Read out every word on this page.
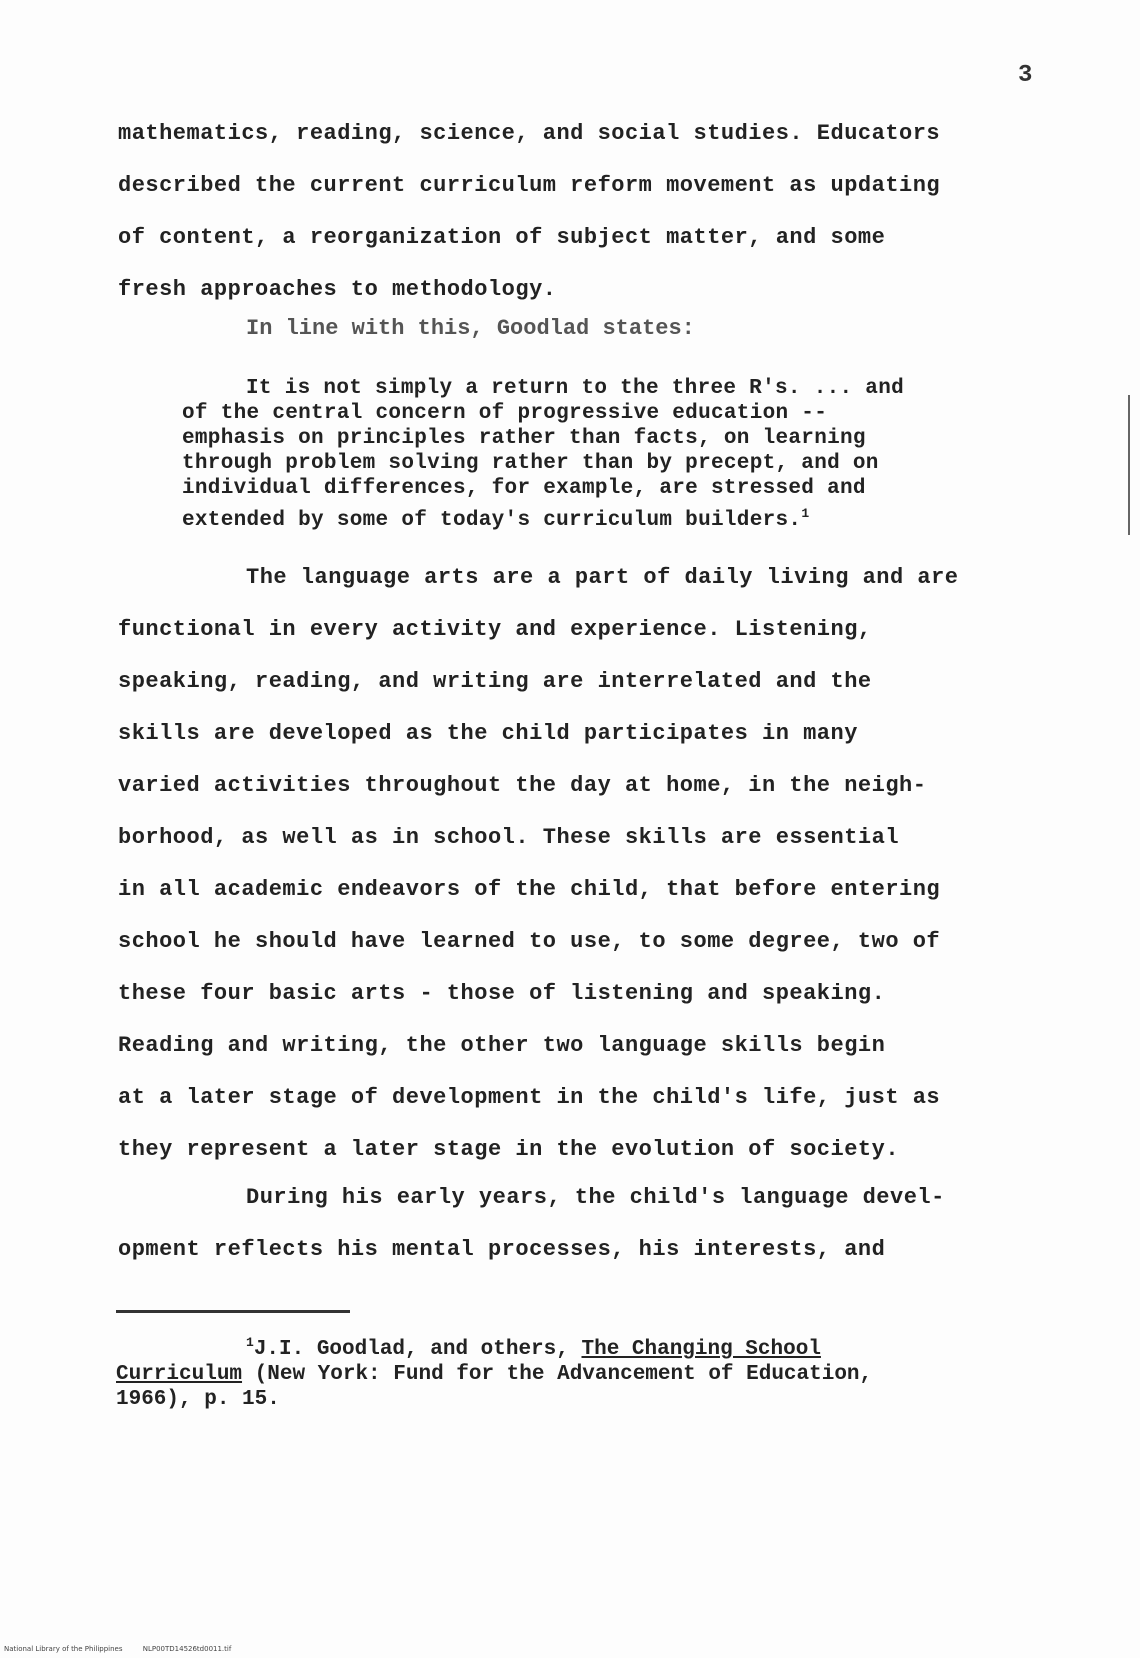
3
mathematics, reading, science, and social studies. Educators
described the current curriculum reform movement as updating
of content, a reorganization of subject matter, and some
fresh approaches to methodology.
In line with this, Goodlad states:
It is not simply a return to the three R's. ... and
of the central concern of progressive education --
emphasis on principles rather than facts, on learning
through problem solving rather than by precept, and on
individual differences, for example, are stressed and
extended by some of today's curriculum builders.$^1$
The language arts are a part of daily living and are
functional in every activity and experience. Listening,
speaking, reading, and writing are interrelated and the
skills are developed as the child participates in many
varied activities throughout the day at home, in the neigh-
borhood, as well as in school. These skills are essential
in all academic endeavors of the child, that before entering
school he should have learned to use, to some degree, two of
these four basic arts - those of listening and speaking.
Reading and writing, the other two language skills begin
at a later stage of development in the child's life, just as
they represent a later stage in the evolution of society.
During his early years, the child's language devel-
opment reflects his mental processes, his interests, and
$^1$J.I. Goodlad, and others, The Changing School
Curriculum (New York: Fund for the Advancement of Education,
1966), p. 15.
National Library of the Philippines	NLP00TD14526td0011.tif
